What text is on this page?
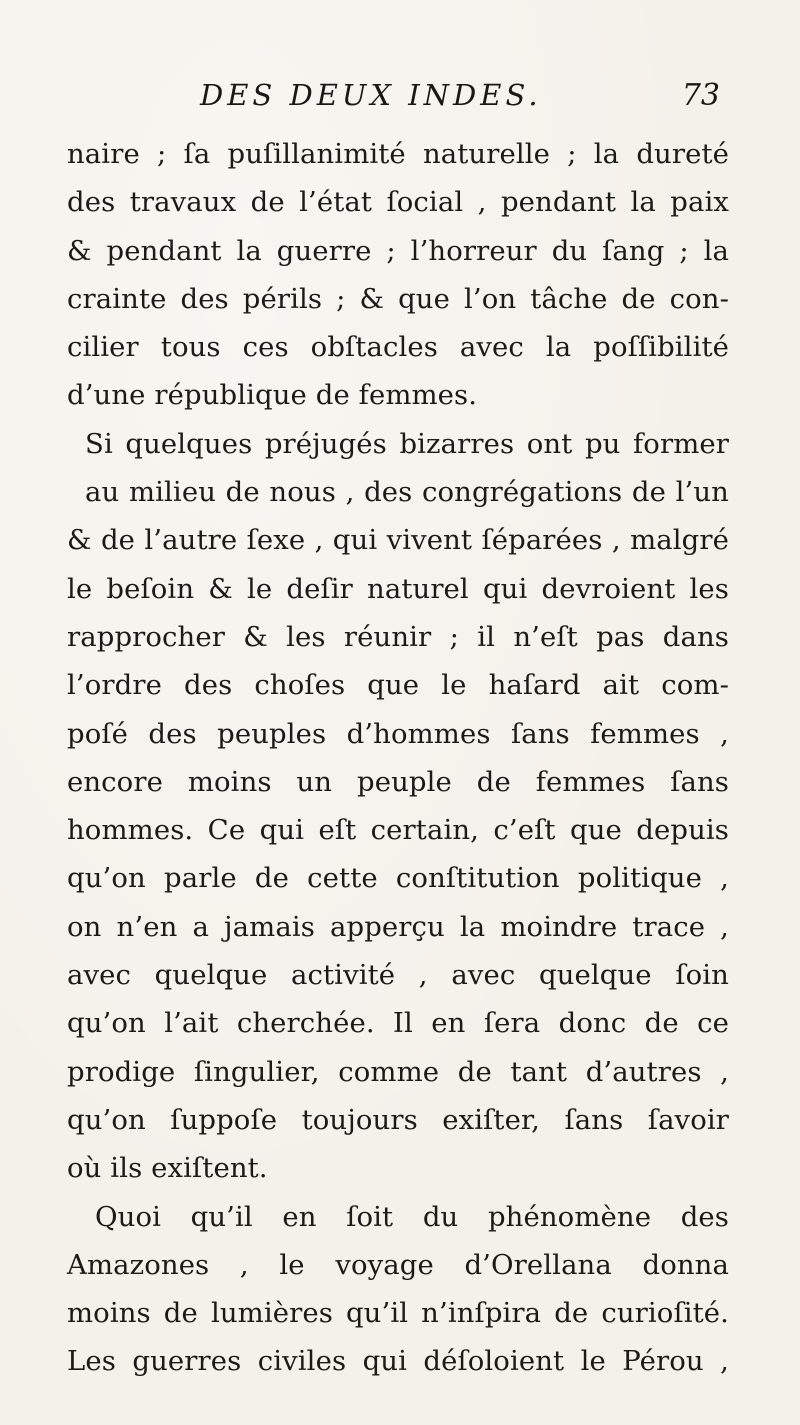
DES DEUX INDES.	73
naire ; ſa puſillanimité naturelle ; la dureté
des travaux de l’état ſocial , pendant la paix
& pendant la guerre ; l’horreur du ſang ; la
crainte des périls ; & que l’on tâche de con-
cilier tous ces obſtacles avec la poſſibilité
d’une république de femmes.
Si quelques préjugés bizarres ont pu former
au milieu de nous , des congrégations de l’un
& de l’autre ſexe , qui vivent ſéparées , malgré
le beſoin & le deſir naturel qui devroient les
rapprocher & les réunir ; il n’eſt pas dans
l’ordre des choſes que le haſard ait com-
poſé des peuples d’hommes ſans femmes ,
encore moins un peuple de femmes ſans
hommes. Ce qui eſt certain, c’eſt que depuis
qu’on parle de cette conſtitution politique ,
on n’en a jamais apperçu la moindre trace ,
avec quelque activité , avec quelque ſoin
qu’on l’ait cherchée. Il en ſera donc de ce
prodige ſingulier, comme de tant d’autres ,
qu’on ſuppoſe toujours exiſter, ſans ſavoir
où ils exiſtent.
Quoi qu’il en ſoit du phénomène des
Amazones , le voyage d’Orellana donna
moins de lumières qu’il n’inſpira de curioſité.
Les guerres civiles qui déſoloient le Pérou ,
